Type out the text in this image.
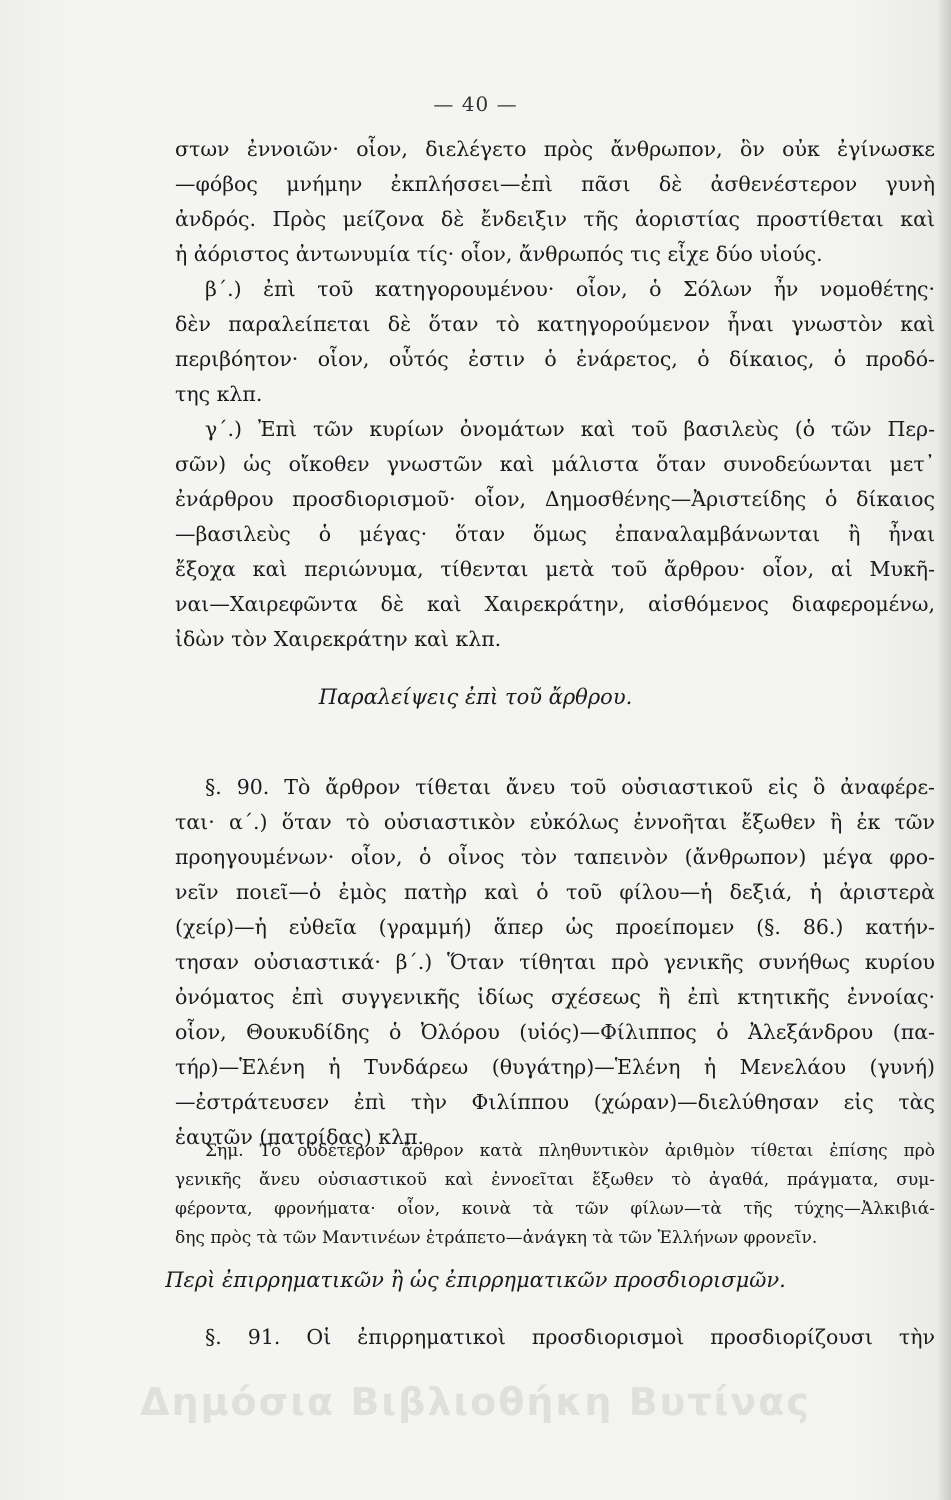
— 40 —
στων ἐννοιῶν· οἷον, διελέγετο πρὸς ἄνθρωπον, ὃν οὐκ ἐγίνωσκε
—φόβος μνήμην ἐκπλήσσει—ἐπὶ πᾶσι δὲ ἀσθενέστερον γυνὴ
ἀνδρός. Πρὸς μείζονα δὲ ἔνδειξιν τῆς ἀοριστίας προστίθεται καὶ
ἡ ἀόριστος ἀντωνυμία τίς· οἷον, ἄνθρωπός τις εἶχε δύο υἱούς.
β΄.) ἐπὶ τοῦ κατηγορουμένου· οἷον, ὁ Σόλων ἦν νομοθέτης·
δὲν παραλείπεται δὲ ὅταν τὸ κατηγορούμενον ἦναι γνωστὸν καὶ
περιβόητον· οἷον, οὗτός ἐστιν ὁ ἐνάρετος, ὁ δίκαιος, ὁ προδό-
της κλπ.
γ΄.) Ἐπὶ τῶν κυρίων ὀνομάτων καὶ τοῦ βασιλεὺς (ὁ τῶν Περ-
σῶν) ὡς οἴκοθεν γνωστῶν καὶ μάλιστα ὅταν συνοδεύωνται μετ᾽
ἐνάρθρου προσδιορισμοῦ· οἷον, Δημοσθένης—Ἀριστείδης ὁ δίκαιος
—βασιλεὺς ὁ μέγας· ὅταν ὅμως ἐπαναλαμβάνωνται ἢ ἦναι
ἔξοχα καὶ περιώνυμα, τίθενται μετὰ τοῦ ἄρθρου· οἷον, αἱ Μυκῆ-
ναι—Χαιρεφῶντα δὲ καὶ Χαιρεκράτην, αἰσθόμενος διαφερομένω,
ἰδὼν τὸν Χαιρεκράτην καὶ κλπ.
Παραλείψεις ἐπὶ τοῦ ἄρθρου.
§. 90. Τὸ ἄρθρον τίθεται ἄνευ τοῦ οὐσιαστικοῦ εἰς ὃ ἀναφέρε-
ται· α΄.) ὅταν τὸ οὐσιαστικὸν εὐκόλως ἐννοῆται ἔξωθεν ἢ ἐκ τῶν
προηγουμένων· οἷον, ὁ οἶνος τὸν ταπεινὸν (ἄνθρωπον) μέγα φρο-
νεῖν ποιεῖ—ὁ ἐμὸς πατὴρ καὶ ὁ τοῦ φίλου—ἡ δεξιά, ἡ ἀριστερὰ
(χείρ)—ἡ εὐθεῖα (γραμμή) ἅπερ ὡς προείπομεν (§. 86.) κατήν-
τησαν οὐσιαστικά· β΄.) Ὅταν τίθηται πρὸ γενικῆς συνήθως κυρίου
ὀνόματος ἐπὶ συγγενικῆς ἰδίως σχέσεως ἢ ἐπὶ κτητικῆς ἐννοίας·
οἷον, Θουκυδίδης ὁ Ὀλόρου (υἱός)—Φίλιππος ὁ Ἀλεξάνδρου (πα-
τήρ)—Ἑλένη ἡ Τυνδάρεω (θυγάτηρ)—Ἑλένη ἡ Μενελάου (γυνή)
—ἐστράτευσεν ἐπὶ τὴν Φιλίππου (χώραν)—διελύθησαν εἰς τὰς
ἑαυτῶν (πατρίδας) κλπ.
Σημ. Τὸ οὐδέτερον ἄρθρον κατὰ πληθυντικὸν ἀριθμὸν τίθεται ἐπίσης πρὸ
γενικῆς ἄνευ οὐσιαστικοῦ καὶ ἐννοεῖται ἔξωθεν τὸ ἀγαθά, πράγματα, συμ-
φέροντα, φρονήματα· οἷον, κοινὰ τὰ τῶν φίλων—τὰ τῆς τύχης—Ἀλκιβιά-
δης πρὸς τὰ τῶν Μαντινέων ἐτράπετο—ἀνάγκη τὰ τῶν Ἑλλήνων φρονεῖν.
Περὶ ἐπιρρηματικῶν ἢ ὡς ἐπιρρηματικῶν προσδιορισμῶν.
§. 91. Οἱ ἐπιρρηματικοὶ προσδιορισμοὶ προσδιορίζουσι τὴν
Δημόσια Βιβλιοθήκη Βυτίνας
